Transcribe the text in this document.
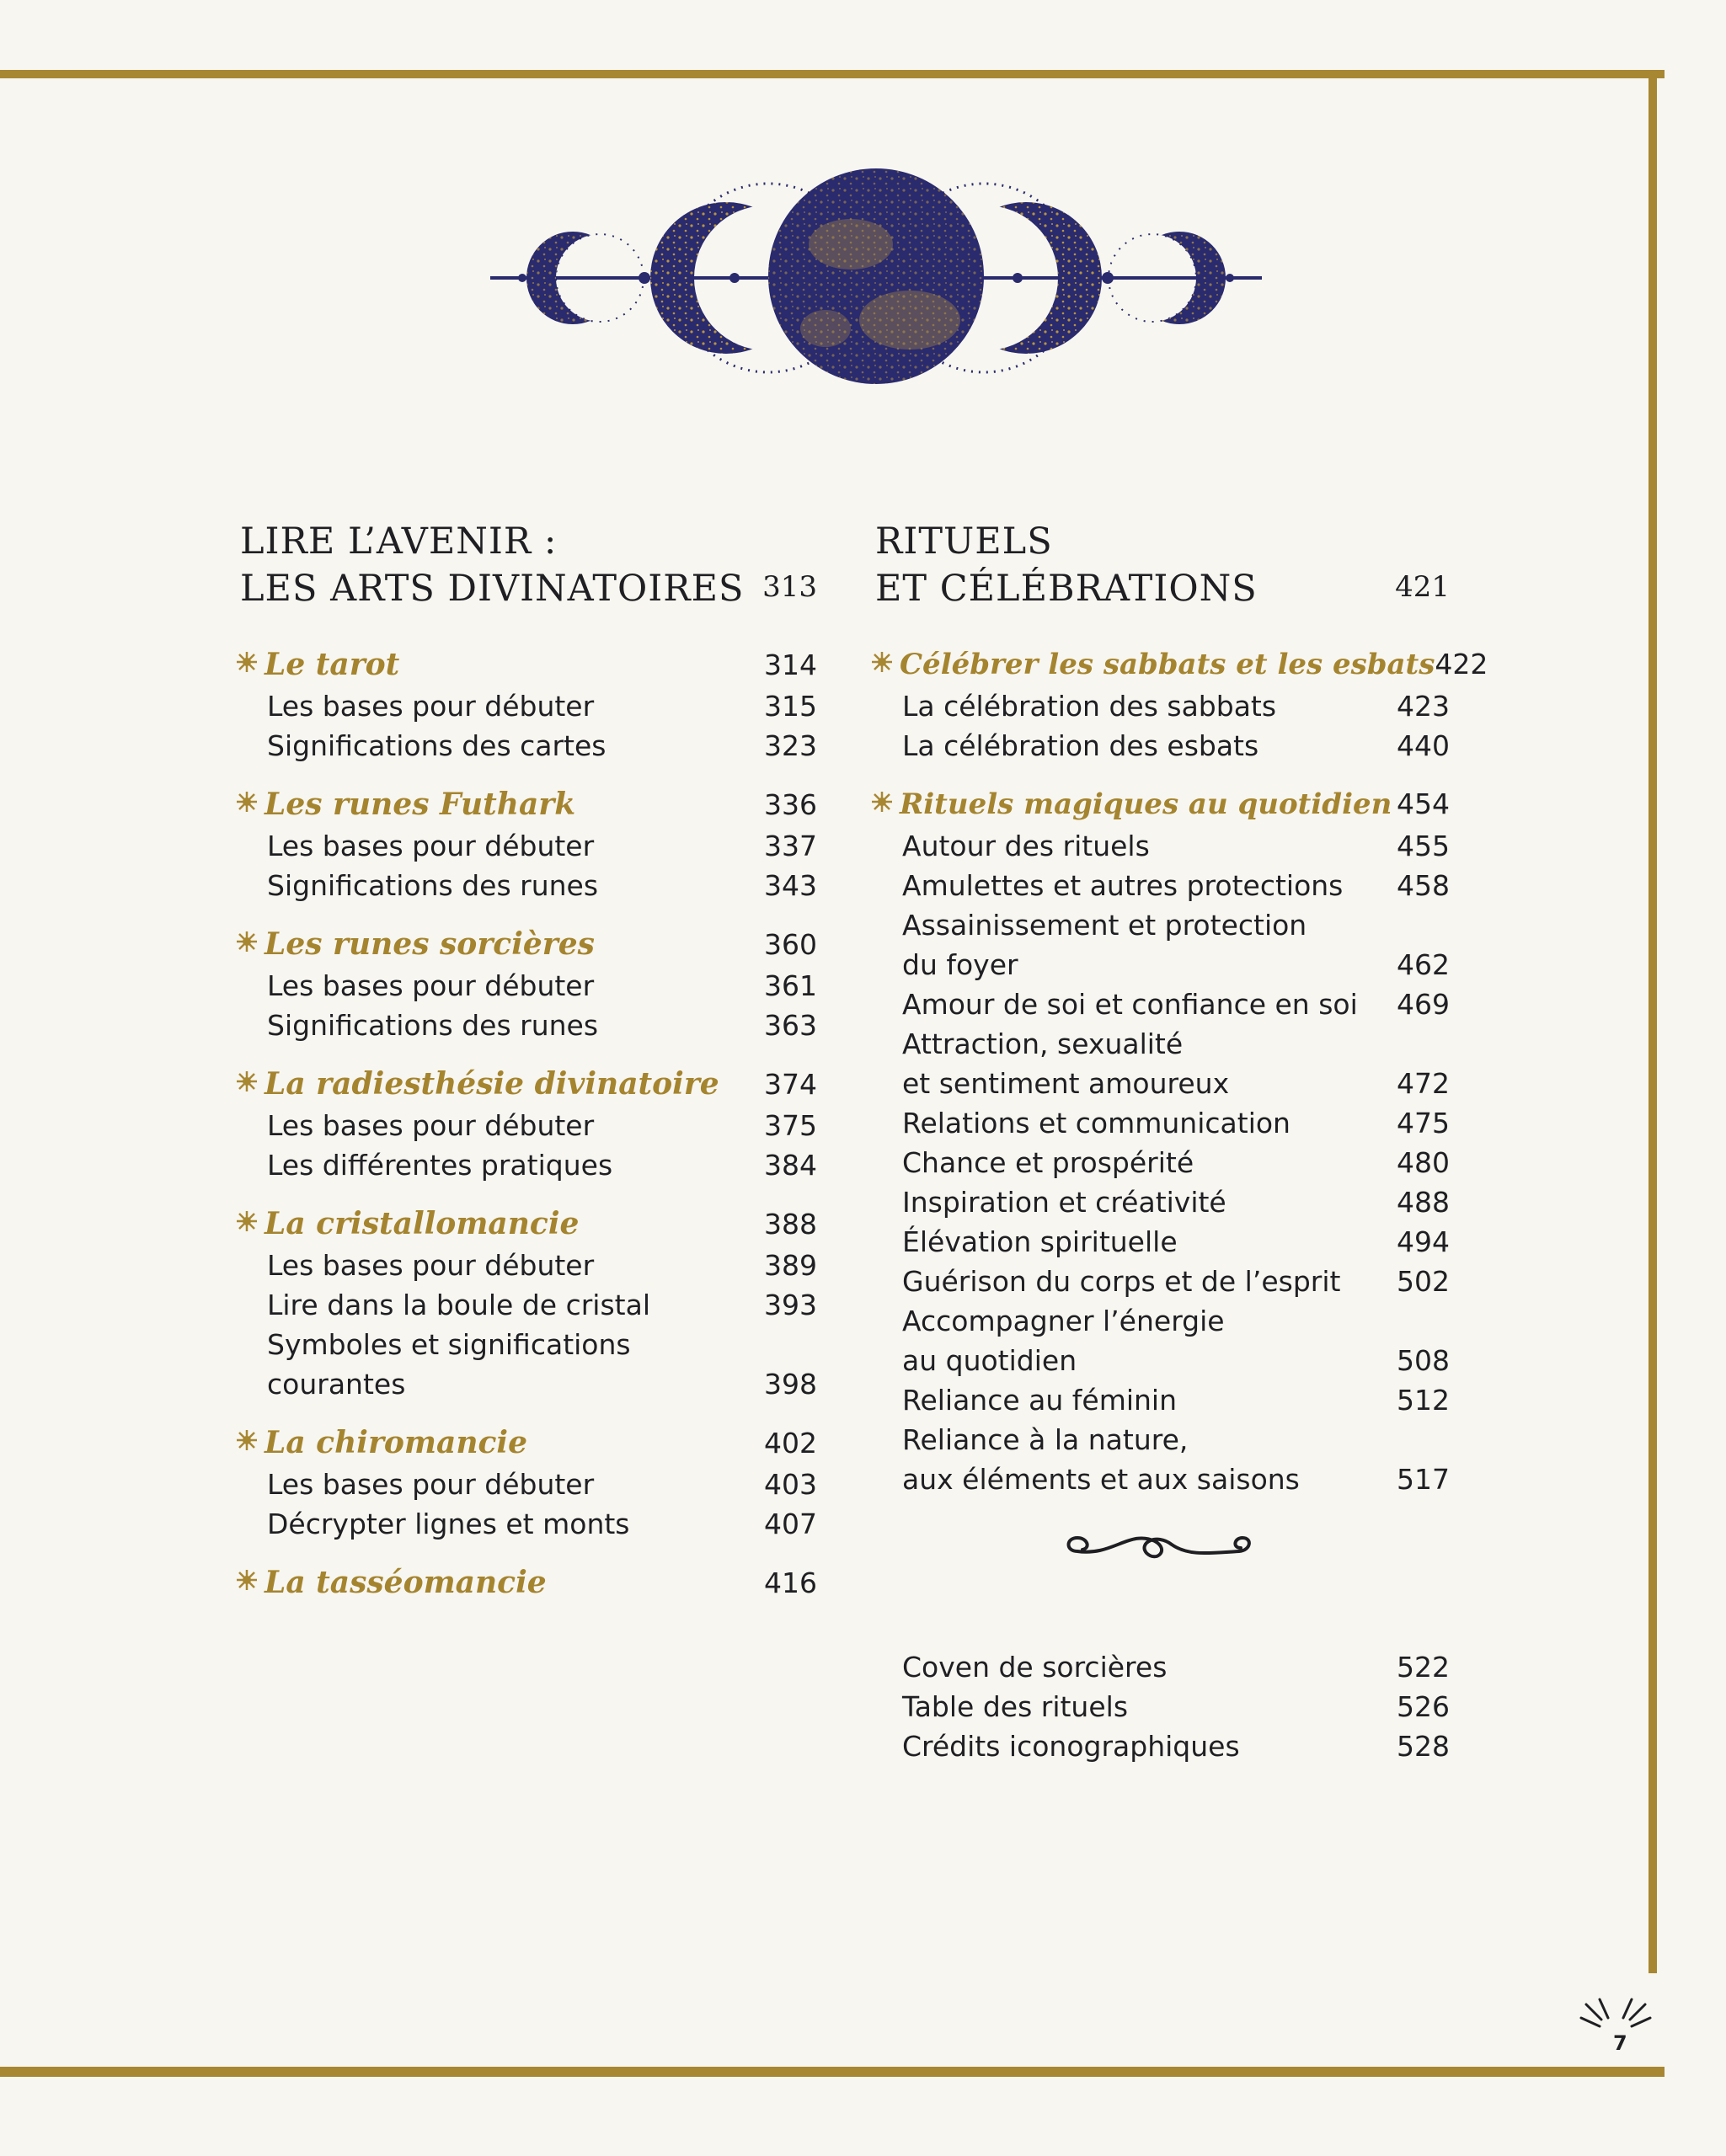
LIRE L’AVENIR :
LES ARTS DIVINATOIRES 313
Le tarot	314
Les bases pour débuter	315
Significations des cartes	323
Les runes Futhark	336
Les bases pour débuter	337
Significations des runes	343
Les runes sorcières	360
Les bases pour débuter	361
Significations des runes	363
La radiesthésie divinatoire 374
Les bases pour débuter	375
Les différentes pratiques	384
La cristallomancie	388
Les bases pour débuter	389
Lire dans la boule de cristal	393
Symboles et significations
courantes	398
La chiromancie	402
Les bases pour débuter	403
Décrypter lignes et monts	407
La tasséomancie	416
RITUELS
ET CÉLÉBRATIONS	421
Célébrer les sabbats et les esbats 422
La célébration des sabbats	423
La célébration des esbats	440
Rituels magiques au quotidien 454
Autour des rituels	455
Amulettes et autres protections 458
Assainissement et protection
du foyer	462
Amour de soi et confiance en soi 469
Attraction, sexualité
et sentiment amoureux	472
Relations et communication	475
Chance et prospérité	480
Inspiration et créativité	488
Élévation spirituelle	494
Guérison du corps et de l’esprit 502
Accompagner l’énergie
au quotidien	508
Reliance au féminin	512
Reliance à la nature,
aux éléments et aux saisons	517
Coven de sorcières	522
Table des rituels	526
Crédits iconographiques	528
7
